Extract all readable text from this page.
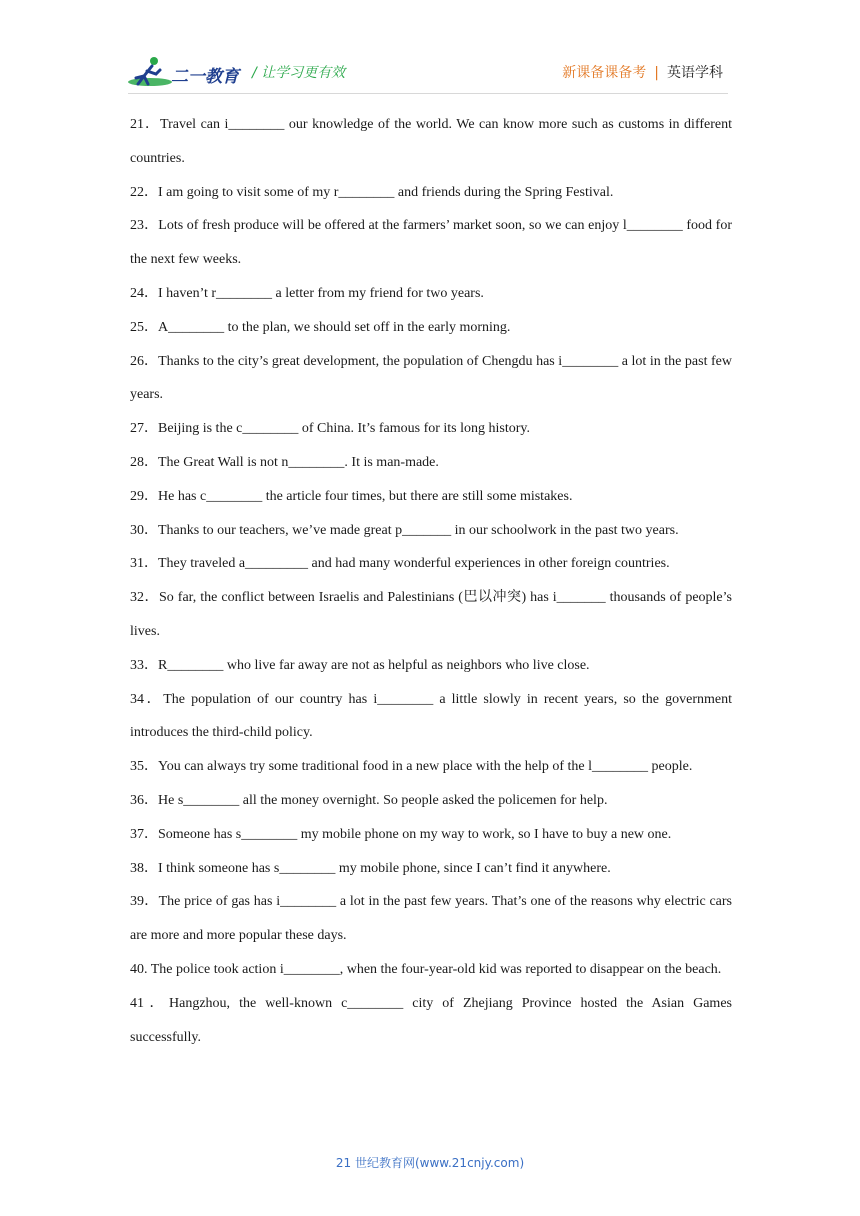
二一教育 / 让学习更有效	新课备课备考 | 英语学科

21．Travel can i________ our knowledge of the world. We can know more such as customs in different countries.

22．I am going to visit some of my r________ and friends during the Spring Festival.

23．Lots of fresh produce will be offered at the farmers’ market soon, so we can enjoy l________ food for the next few weeks.

24．I haven’t r________ a letter from my friend for two years.

25．A________ to the plan, we should set off in the early morning.

26．Thanks to the city’s great development, the population of Chengdu has i________ a lot in the past few years.

27．Beijing is the c________ of China. It’s famous for its long history.

28．The Great Wall is not n________. It is man-made.

29．He has c________ the article four times, but there are still some mistakes.

30．Thanks to our teachers, we’ve made great p_______ in our schoolwork in the past two years.

31．They traveled a_________ and had many wonderful experiences in other foreign countries.

32．So far, the conflict between Israelis and Palestinians (巴以冲突) has i_______ thousands of people’s lives.

33．R________ who live far away are not as helpful as neighbors who live close.

34．The population of our country has i________ a little slowly in recent years, so the government introduces the third-child policy.

35．You can always try some traditional food in a new place with the help of the l________ people.

36．He s________ all the money overnight. So people asked the policemen for help.

37．Someone has s________ my mobile phone on my way to work, so I have to buy a new one.

38．I think someone has s________ my mobile phone, since I can’t find it anywhere.

39．The price of gas has i________ a lot in the past few years. That’s one of the reasons why electric cars are more and more popular these days.

40. The police took action i________, when the four-year-old kid was reported to disappear on the beach.

41．Hangzhou, the well-known c________ city of Zhejiang Province hosted the Asian Games successfully.

21 世纪教育网(www.21cnjy.com)
